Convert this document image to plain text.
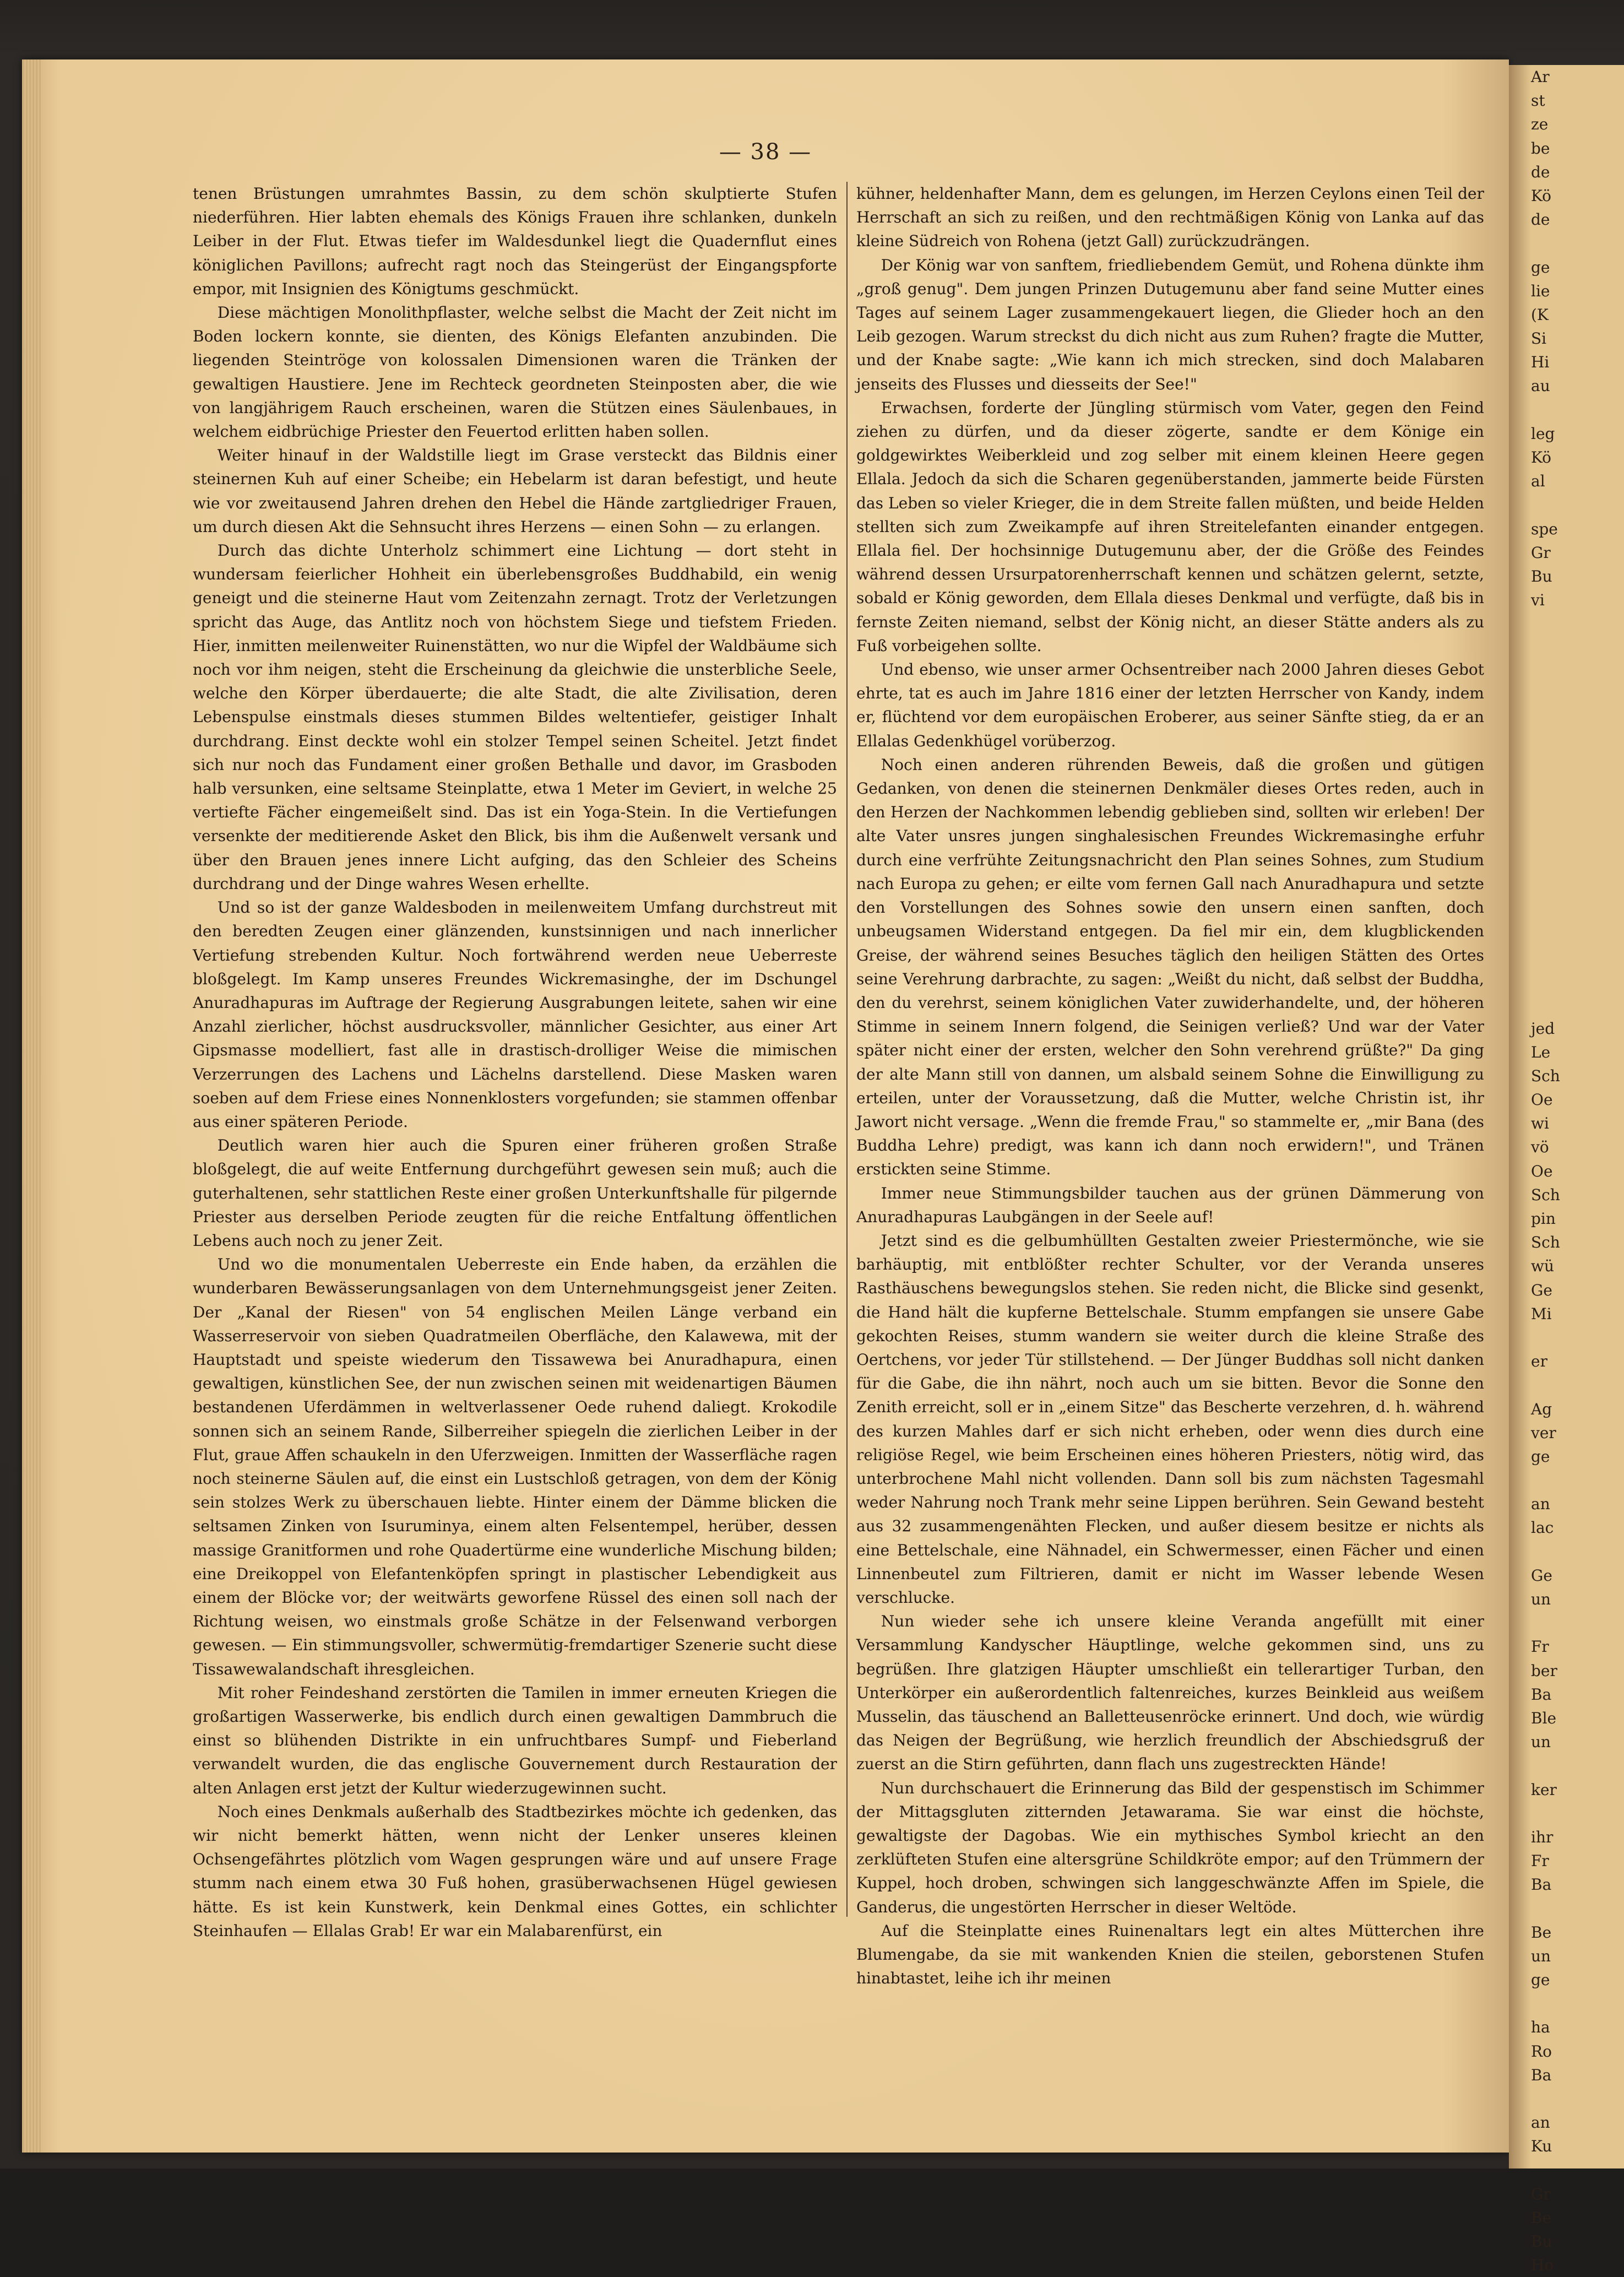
— 38 —

tenen Brüstungen umrahmtes Bassin, zu dem schön skulptierte Stufen niederführen. Hier labten ehemals des Königs Frauen ihre schlanken, dunkeln Leiber in der Flut. Etwas tiefer im Waldesdunkel liegt die Quadernflut eines königlichen Pavillons; aufrecht ragt noch das Steingerüst der Eingangspforte empor, mit Insignien des Königtums geschmückt.

Diese mächtigen Monolithpflaster, welche selbst die Macht der Zeit nicht im Boden lockern konnte, sie dienten, des Königs Elefanten anzubinden. Die liegenden Steintröge von kolossalen Dimensionen waren die Tränken der gewaltigen Haustiere. Jene im Rechteck geordneten Steinposten aber, die wie von langjährigem Rauch erscheinen, waren die Stützen eines Säulenbaues, in welchem eidbrüchige Priester den Feuertod erlitten haben sollen.

Weiter hinauf in der Waldstille liegt im Grase versteckt das Bildnis einer steinernen Kuh auf einer Scheibe; ein Hebelarm ist daran befestigt, und heute wie vor zweitausend Jahren drehen den Hebel die Hände zartgliedriger Frauen, um durch diesen Akt die Sehnsucht ihres Herzens — einen Sohn — zu erlangen.

Durch das dichte Unterholz schimmert eine Lichtung — dort steht in wundersam feierlicher Hohheit ein überlebensgroßes Buddhabild, ein wenig geneigt und die steinerne Haut vom Zeitenzahn zernagt. Trotz der Verletzungen spricht das Auge, das Antlitz noch von höchstem Siege und tiefstem Frieden. Hier, inmitten meilenweiter Ruinenstätten, wo nur die Wipfel der Waldbäume sich noch vor ihm neigen, steht die Erscheinung da gleichwie die unsterbliche Seele, welche den Körper überdauerte; die alte Stadt, die alte Zivilisation, deren Lebenspulse einstmals dieses stummen Bildes weltentiefer, geistiger Inhalt durchdrang. Einst deckte wohl ein stolzer Tempel seinen Scheitel. Jetzt findet sich nur noch das Fundament einer großen Bethalle und davor, im Grasboden halb versunken, eine seltsame Steinplatte, etwa 1 Meter im Geviert, in welche 25 vertiefte Fächer eingemeißelt sind. Das ist ein Yoga-Stein. In die Vertiefungen versenkte der meditierende Asket den Blick, bis ihm die Außenwelt versank und über den Brauen jenes innere Licht aufging, das den Schleier des Scheins durchdrang und der Dinge wahres Wesen erhellte.

Und so ist der ganze Waldesboden in meilenweitem Umfang durchstreut mit den beredten Zeugen einer glänzenden, kunstsinnigen und nach innerlicher Vertiefung strebenden Kultur. Noch fortwährend werden neue Ueberreste bloßgelegt. Im Kamp unseres Freundes Wickremasinghe, der im Dschungel Anuradhapuras im Auftrage der Regierung Ausgrabungen leitete, sahen wir eine Anzahl zierlicher, höchst ausdrucksvoller, männlicher Gesichter, aus einer Art Gipsmasse modelliert, fast alle in drastisch-drolliger Weise die mimischen Verzerrungen des Lachens und Lächelns darstellend. Diese Masken waren soeben auf dem Friese eines Nonnenklosters vorgefunden; sie stammen offenbar aus einer späteren Periode.

Deutlich waren hier auch die Spuren einer früheren großen Straße bloßgelegt, die auf weite Entfernung durchgeführt gewesen sein muß; auch die guterhaltenen, sehr stattlichen Reste einer großen Unterkunftshalle für pilgernde Priester aus derselben Periode zeugten für die reiche Entfaltung öffentlichen Lebens auch noch zu jener Zeit.

Und wo die monumentalen Ueberreste ein Ende haben, da erzählen die wunderbaren Bewässerungsanlagen von dem Unternehmungsgeist jener Zeiten. Der „Kanal der Riesen" von 54 englischen Meilen Länge verband ein Wasserreservoir von sieben Quadratmeilen Oberfläche, den Kalawewa, mit der Hauptstadt und speiste wiederum den Tissawewa bei Anuradhapura, einen gewaltigen, künstlichen See, der nun zwischen seinen mit weidenartigen Bäumen bestandenen Uferdämmen in weltverlassener Oede ruhend daliegt. Krokodile sonnen sich an seinem Rande, Silberreiher spiegeln die zierlichen Leiber in der Flut, graue Affen schaukeln in den Uferzweigen. Inmitten der Wasserfläche ragen noch steinerne Säulen auf, die einst ein Lustschloß getragen, von dem der König sein stolzes Werk zu überschauen liebte. Hinter einem der Dämme blicken die seltsamen Zinken von Isuruminya, einem alten Felsentempel, herüber, dessen massige Granitformen und rohe Quadertürme eine wunderliche Mischung bilden; eine Dreikoppel von Elefantenköpfen springt in plastischer Lebendigkeit aus einem der Blöcke vor; der weitwärts geworfene Rüssel des einen soll nach der Richtung weisen, wo einstmals große Schätze in der Felsenwand verborgen gewesen. — Ein stimmungsvoller, schwermütig-fremdartiger Szenerie sucht diese Tissawewalandschaft ihresgleichen.

Mit roher Feindeshand zerstörten die Tamilen in immer erneuten Kriegen die großartigen Wasserwerke, bis endlich durch einen gewaltigen Dammbruch die einst so blühenden Distrikte in ein unfruchtbares Sumpf- und Fieberland verwandelt wurden, die das englische Gouvernement durch Restauration der alten Anlagen erst jetzt der Kultur wiederzugewinnen sucht.

Noch eines Denkmals außerhalb des Stadtbezirkes möchte ich gedenken, das wir nicht bemerkt hätten, wenn nicht der Lenker unseres kleinen Ochsengefährtes plötzlich vom Wagen gesprungen wäre und auf unsere Frage stumm nach einem etwa 30 Fuß hohen, grasüberwachsenen Hügel gewiesen hätte. Es ist kein Kunstwerk, kein Denkmal eines Gottes, ein schlichter Steinhaufen — Ellalas Grab! Er war ein Malabarenfürst, ein

kühner, heldenhafter Mann, dem es gelungen, im Herzen Ceylons einen Teil der Herrschaft an sich zu reißen, und den rechtmäßigen König von Lanka auf das kleine Südreich von Rohena (jetzt Gall) zurückzudrängen.

Der König war von sanftem, friedliebendem Gemüt, und Rohena dünkte ihm „groß genug". Dem jungen Prinzen Dutugemunu aber fand seine Mutter eines Tages auf seinem Lager zusammengekauert liegen, die Glieder hoch an den Leib gezogen. Warum streckst du dich nicht aus zum Ruhen? fragte die Mutter, und der Knabe sagte: „Wie kann ich mich strecken, sind doch Malabaren jenseits des Flusses und diesseits der See!"

Erwachsen, forderte der Jüngling stürmisch vom Vater, gegen den Feind ziehen zu dürfen, und da dieser zögerte, sandte er dem Könige ein goldgewirktes Weiberkleid und zog selber mit einem kleinen Heere gegen Ellala. Jedoch da sich die Scharen gegenüberstanden, jammerte beide Fürsten das Leben so vieler Krieger, die in dem Streite fallen müßten, und beide Helden stellten sich zum Zweikampfe auf ihren Streitelefanten einander entgegen. Ellala fiel. Der hochsinnige Dutugemunu aber, der die Größe des Feindes während dessen Ursurpatorenherrschaft kennen und schätzen gelernt, setzte, sobald er König geworden, dem Ellala dieses Denkmal und verfügte, daß bis in fernste Zeiten niemand, selbst der König nicht, an dieser Stätte anders als zu Fuß vorbeigehen sollte.

Und ebenso, wie unser armer Ochsentreiber nach 2000 Jahren dieses Gebot ehrte, tat es auch im Jahre 1816 einer der letzten Herrscher von Kandy, indem er, flüchtend vor dem europäischen Eroberer, aus seiner Sänfte stieg, da er an Ellalas Gedenkhügel vorüberzog.

Noch einen anderen rührenden Beweis, daß die großen und gütigen Gedanken, von denen die steinernen Denkmäler dieses Ortes reden, auch in den Herzen der Nachkommen lebendig geblieben sind, sollten wir erleben! Der alte Vater unsres jungen singhalesischen Freundes Wickremasinghe erfuhr durch eine verfrühte Zeitungsnachricht den Plan seines Sohnes, zum Studium nach Europa zu gehen; er eilte vom fernen Gall nach Anuradhapura und setzte den Vorstellungen des Sohnes sowie den unsern einen sanften, doch unbeugsamen Widerstand entgegen. Da fiel mir ein, dem klugblickenden Greise, der während seines Besuches täglich den heiligen Stätten des Ortes seine Verehrung darbrachte, zu sagen: „Weißt du nicht, daß selbst der Buddha, den du verehrst, seinem königlichen Vater zuwiderhandelte, und, der höheren Stimme in seinem Innern folgend, die Seinigen verließ? Und war der Vater später nicht einer der ersten, welcher den Sohn verehrend grüßte?" Da ging der alte Mann still von dannen, um alsbald seinem Sohne die Einwilligung zu erteilen, unter der Voraussetzung, daß die Mutter, welche Christin ist, ihr Jawort nicht versage. „Wenn die fremde Frau," so stammelte er, „mir Bana (des Buddha Lehre) predigt, was kann ich dann noch erwidern!", und Tränen erstickten seine Stimme.

Immer neue Stimmungsbilder tauchen aus der grünen Dämmerung von Anuradhapuras Laubgängen in der Seele auf!

Jetzt sind es die gelbumhüllten Gestalten zweier Priestermönche, wie sie barhäuptig, mit entblößter rechter Schulter, vor der Veranda unseres Rasthäuschens bewegungslos stehen. Sie reden nicht, die Blicke sind gesenkt, die Hand hält die kupferne Bettelschale. Stumm empfangen sie unsere Gabe gekochten Reises, stumm wandern sie weiter durch die kleine Straße des Oertchens, vor jeder Tür stillstehend. — Der Jünger Buddhas soll nicht danken für die Gabe, die ihn nährt, noch auch um sie bitten. Bevor die Sonne den Zenith erreicht, soll er in „einem Sitze" das Bescherte verzehren, d. h. während des kurzen Mahles darf er sich nicht erheben, oder wenn dies durch eine religiöse Regel, wie beim Erscheinen eines höheren Priesters, nötig wird, das unterbrochene Mahl nicht vollenden. Dann soll bis zum nächsten Tagesmahl weder Nahrung noch Trank mehr seine Lippen berühren. Sein Gewand besteht aus 32 zusammengenähten Flecken, und außer diesem besitze er nichts als eine Bettelschale, eine Nähnadel, ein Schwermesser, einen Fächer und einen Linnenbeutel zum Filtrieren, damit er nicht im Wasser lebende Wesen verschlucke.

Nun wieder sehe ich unsere kleine Veranda angefüllt mit einer Versammlung Kandyscher Häuptlinge, welche gekommen sind, uns zu begrüßen. Ihre glatzigen Häupter umschließt ein tellerartiger Turban, den Unterkörper ein außerordentlich faltenreiches, kurzes Beinkleid aus weißem Musselin, das täuschend an Balletteusenröcke erinnert. Und doch, wie würdig das Neigen der Begrüßung, wie herzlich freundlich der Abschiedsgruß der zuerst an die Stirn geführten, dann flach uns zugestreckten Hände!

Nun durchschauert die Erinnerung das Bild der gespenstisch im Schimmer der Mittagsgluten zitternden Jetawarama. Sie war einst die höchste, gewaltigste der Dagobas. Wie ein mythisches Symbol kriecht an den zerklüfteten Stufen eine altersgrüne Schildkröte empor; auf den Trümmern der Kuppel, hoch droben, schwingen sich langgeschwänzte Affen im Spiele, die Ganderus, die ungestörten Herrscher in dieser Weltöde.

Auf die Steinplatte eines Ruinenaltars legt ein altes Mütterchen ihre Blumengabe, da sie mit wankenden Knien die steilen, geborstenen Stufen hinabtastet, leihe ich ihr meinen

Ar
st
ze
be
de
Kö
de
ge
lie
(K
Si
Hi
au
leg
Kö
al
spe
Gr
Bu
vi
jed
Le
Sch
Oe
wi
vö
Oe
Sch
pin
Sch
wü
Ge
Mi
er
Ag
ver
ge
an
lac
Ge
un
Fr
ber
Ba
Ble
un
ker
ihr
Fr
Ba
Be
un
ge
ha
Ro
Ba
an
Ku
Gr
Be
Bu
Ho
